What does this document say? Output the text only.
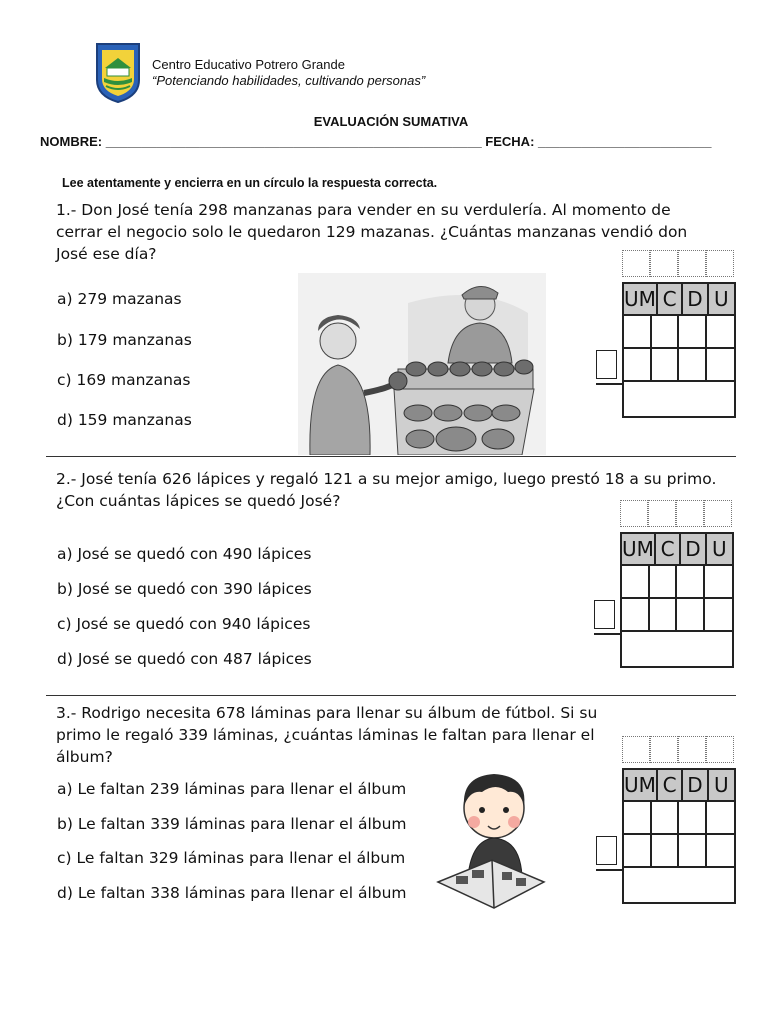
Centro Educativo Potrero Grande
“Potenciando habilidades, cultivando personas”
EVALUACIÓN SUMATIVA
NOMBRE: ____________________________________________________ FECHA: ________________________
Lee atentamente y encierra en un círculo la respuesta correcta.
1.- Don José tenía 298 manzanas para vender en su verdulería. Al momento de cerrar el negocio solo le quedaron 129 mazanas. ¿Cuántas manzanas vendió don José ese día?
a) 279 mazanas
b) 179 manzanas
c) 169 manzanas
d) 159 manzanas
UM C D U
2.- José tenía 626 lápices y regaló 121 a su mejor amigo, luego prestó 18 a su primo. ¿Con cuántas lápices se quedó José?
a) José se quedó con 490 lápices
b) José se quedó con 390 lápices
c) José se quedó con 940 lápices
d) José se quedó con 487 lápices
UM C D U
3.- Rodrigo necesita 678 láminas para llenar su álbum de fútbol. Si su primo le regaló 339 láminas, ¿cuántas láminas le faltan para llenar el álbum?
a) Le faltan 239 láminas para llenar el álbum
b) Le faltan 339 láminas para llenar el álbum
c) Le faltan 329 láminas para llenar el álbum
d) Le faltan 338 láminas para llenar el álbum
UM C D U
